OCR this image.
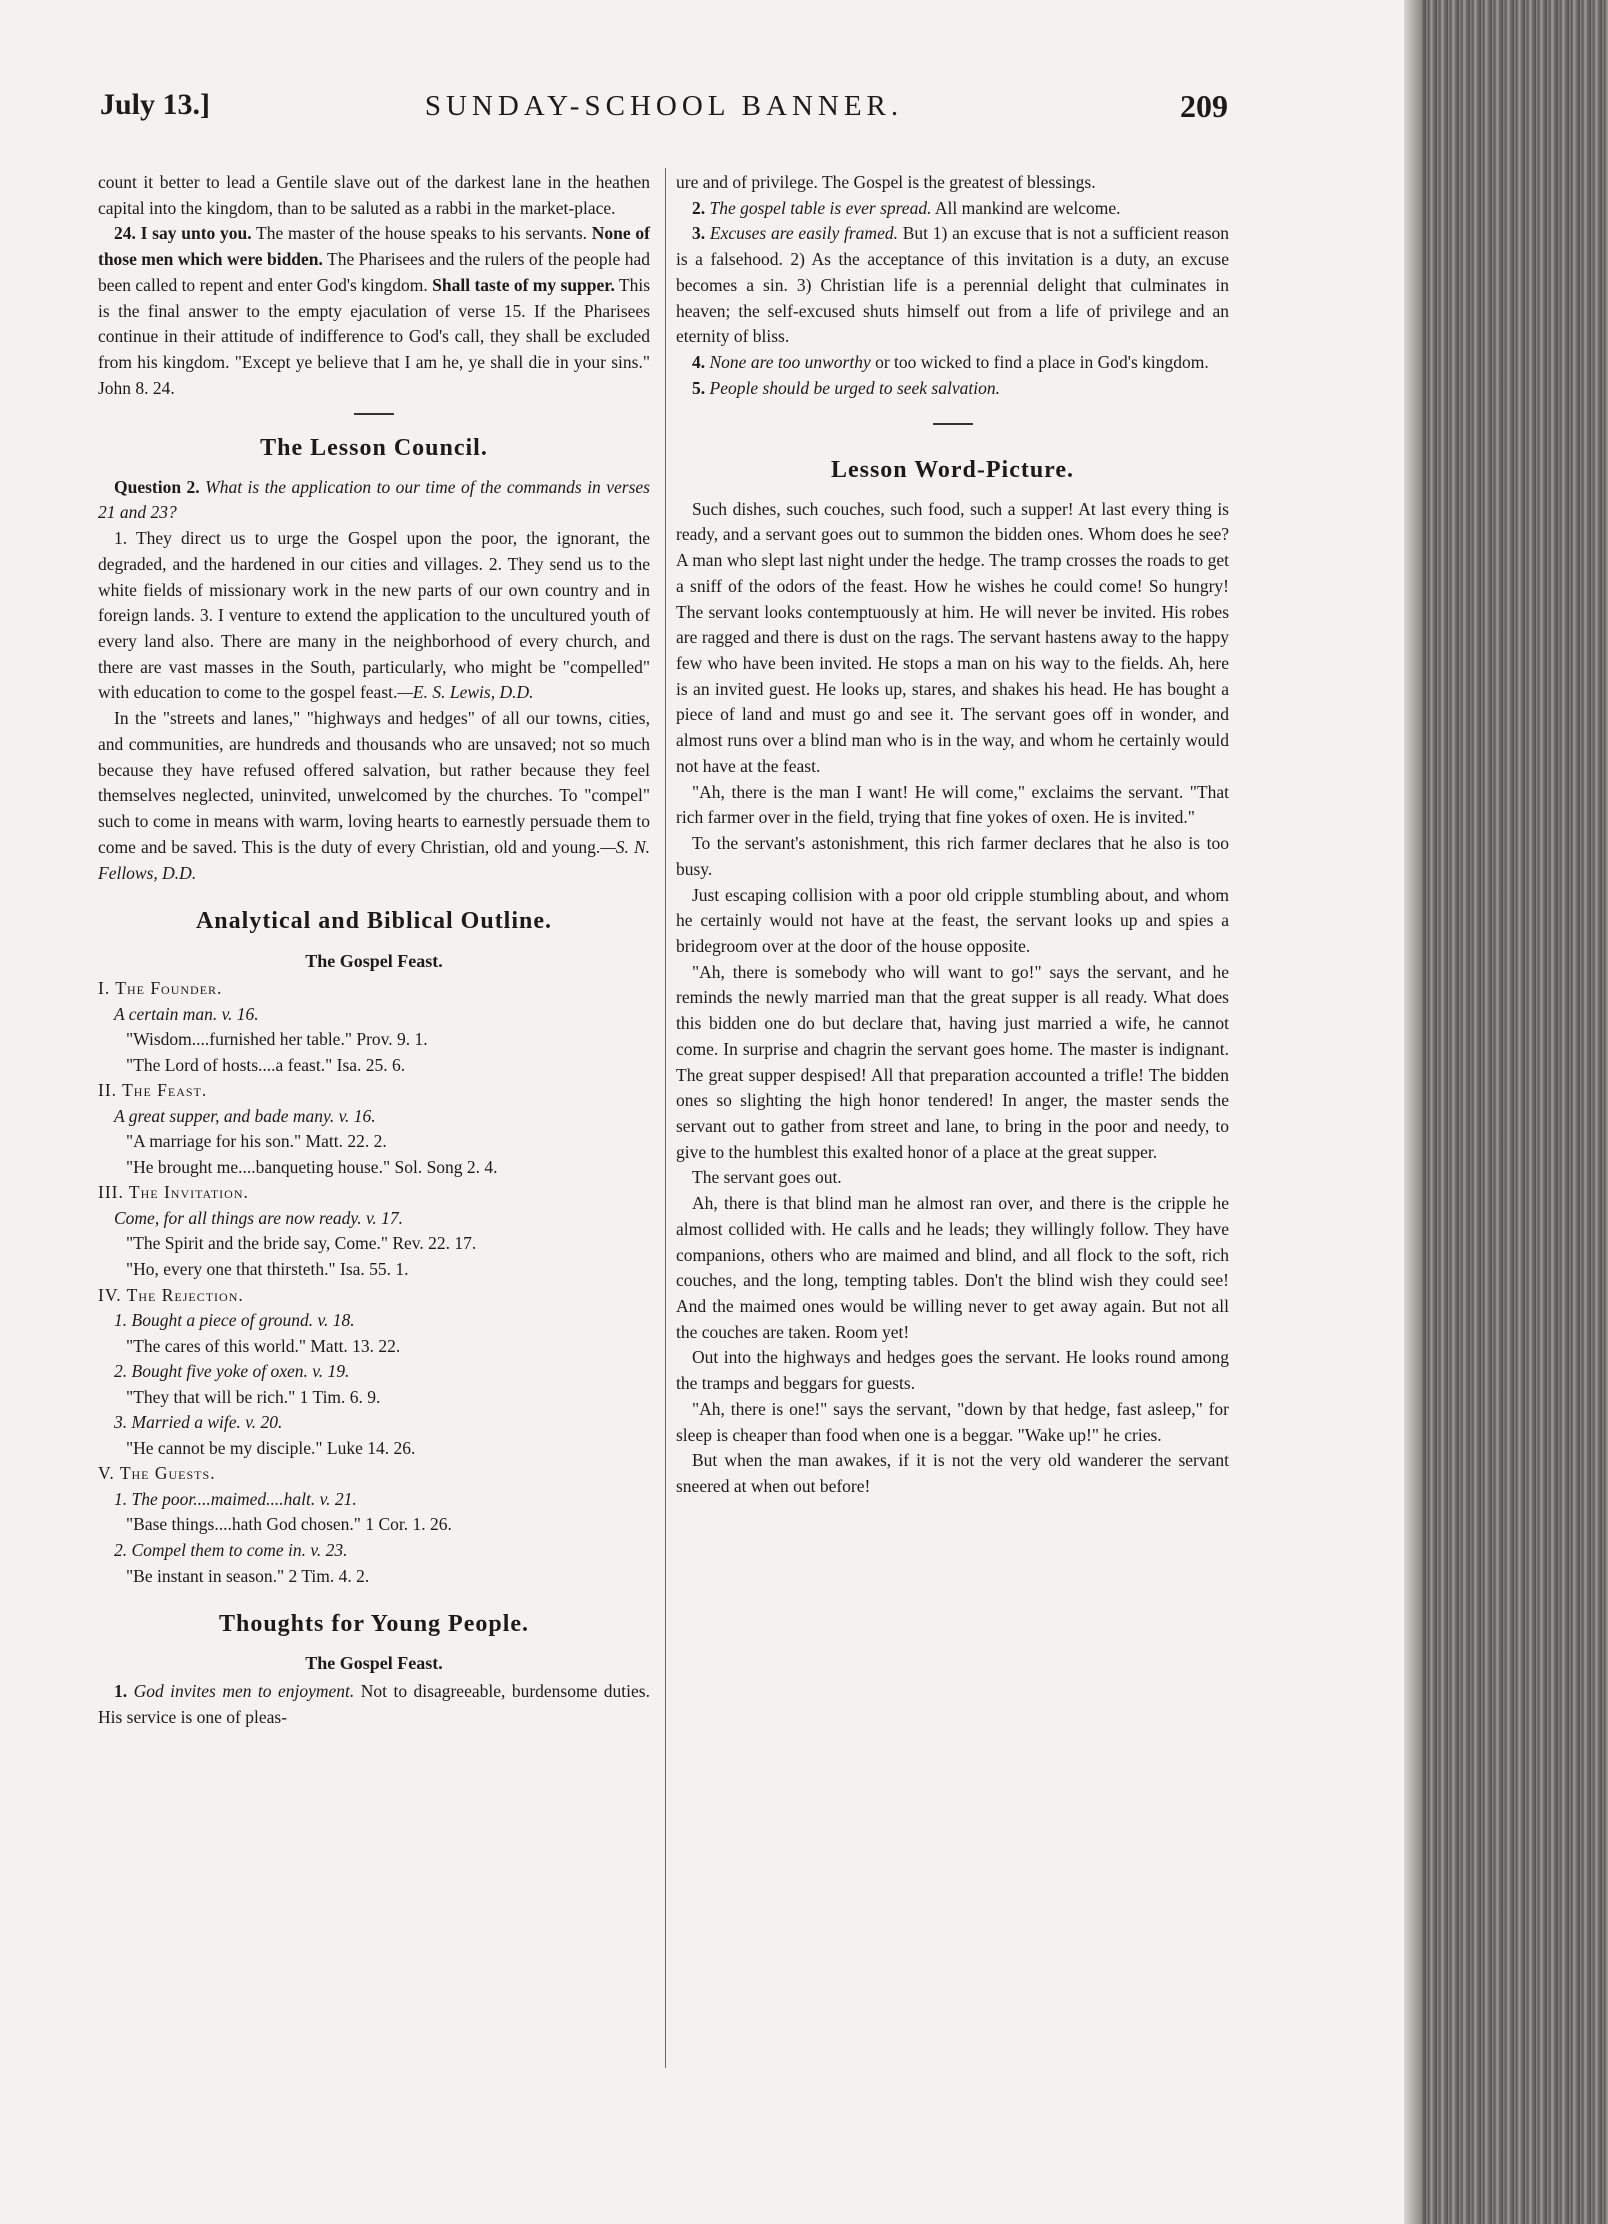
July 13.]	SUNDAY-SCHOOL BANNER.	209

count it better to lead a Gentile slave out of the darkest lane in the heathen capital into the kingdom, than to be saluted as a rabbi in the market-place.

24. I say unto you. The master of the house speaks to his servants. None of those men which were bidden. The Pharisees and the rulers of the people had been called to repent and enter God's kingdom. Shall taste of my supper. This is the final answer to the empty ejaculation of verse 15. If the Pharisees continue in their attitude of indifference to God's call, they shall be excluded from his kingdom. "Except ye believe that I am he, ye shall die in your sins." John 8. 24.

The Lesson Council.

Question 2. What is the application to our time of the commands in verses 21 and 23?

1. They direct us to urge the Gospel upon the poor, the ignorant, the degraded, and the hardened in our cities and villages. 2. They send us to the white fields of missionary work in the new parts of our own country and in foreign lands. 3. I venture to extend the application to the uncultured youth of every land also. There are many in the neighborhood of every church, and there are vast masses in the South, particularly, who might be "compelled" with education to come to the gospel feast.—E. S. Lewis, D.D.

In the "streets and lanes," "highways and hedges" of all our towns, cities, and communities, are hundreds and thousands who are unsaved; not so much because they have refused offered salvation, but rather because they feel themselves neglected, uninvited, unwelcomed by the churches. To "compel" such to come in means with warm, loving hearts to earnestly persuade them to come and be saved. This is the duty of every Christian, old and young.—S. N. Fellows, D.D.

Analytical and Biblical Outline.
The Gospel Feast.
I. The Founder.
A certain man. v. 16.
"Wisdom....furnished her table." Prov. 9. 1.
"The Lord of hosts....a feast." Isa. 25. 6.
II. The Feast.
A great supper, and bade many. v. 16.
"A marriage for his son." Matt. 22. 2.
"He brought me....banqueting house." Sol. Song 2. 4.
III. The Invitation.
Come, for all things are now ready. v. 17.
"The Spirit and the bride say, Come." Rev. 22. 17.
"Ho, every one that thirsteth." Isa. 55. 1.
IV. The Rejection.
1. Bought a piece of ground. v. 18.
"The cares of this world." Matt. 13. 22.
2. Bought five yoke of oxen. v. 19.
"They that will be rich." 1 Tim. 6. 9.
3. Married a wife. v. 20.
"He cannot be my disciple." Luke 14. 26.
V. The Guests.
1. The poor....maimed....halt. v. 21.
"Base things....hath God chosen." 1 Cor. 1. 26.
2. Compel them to come in. v. 23.
"Be instant in season." 2 Tim. 4. 2.
Thoughts for Young People.
The Gospel Feast.

1. God invites men to enjoyment. Not to disagreeable, burdensome duties. His service is one of pleas-

ure and of privilege. The Gospel is the greatest of blessings.

2. The gospel table is ever spread. All mankind are welcome.

3. Excuses are easily framed. But 1) an excuse that is not a sufficient reason is a falsehood. 2) As the acceptance of this invitation is a duty, an excuse becomes a sin. 3) Christian life is a perennial delight that culminates in heaven; the self-excused shuts himself out from a life of privilege and an eternity of bliss.

4. None are too unworthy or too wicked to find a place in God's kingdom.

5. People should be urged to seek salvation.

Lesson Word-Picture.

Such dishes, such couches, such food, such a supper! At last every thing is ready, and a servant goes out to summon the bidden ones. Whom does he see? A man who slept last night under the hedge. The tramp crosses the roads to get a sniff of the odors of the feast. How he wishes he could come! So hungry! The servant looks contemptuously at him. He will never be invited. His robes are ragged and there is dust on the rags. The servant hastens away to the happy few who have been invited. He stops a man on his way to the fields. Ah, here is an invited guest. He looks up, stares, and shakes his head. He has bought a piece of land and must go and see it. The servant goes off in wonder, and almost runs over a blind man who is in the way, and whom he certainly would not have at the feast.

"Ah, there is the man I want! He will come," exclaims the servant. "That rich farmer over in the field, trying that fine yokes of oxen. He is invited."

To the servant's astonishment, this rich farmer declares that he also is too busy.

Just escaping collision with a poor old cripple stumbling about, and whom he certainly would not have at the feast, the servant looks up and spies a bridegroom over at the door of the house opposite.

"Ah, there is somebody who will want to go!" says the servant, and he reminds the newly married man that the great supper is all ready. What does this bidden one do but declare that, having just married a wife, he cannot come. In surprise and chagrin the servant goes home. The master is indignant. The great supper despised! All that preparation accounted a trifle! The bidden ones so slighting the high honor tendered! In anger, the master sends the servant out to gather from street and lane, to bring in the poor and needy, to give to the humblest this exalted honor of a place at the great supper.

The servant goes out.

Ah, there is that blind man he almost ran over, and there is the cripple he almost collided with. He calls and he leads; they willingly follow. They have companions, others who are maimed and blind, and all flock to the soft, rich couches, and the long, tempting tables. Don't the blind wish they could see! And the maimed ones would be willing never to get away again. But not all the couches are taken. Room yet!

Out into the highways and hedges goes the servant. He looks round among the tramps and beggars for guests.

"Ah, there is one!" says the servant, "down by that hedge, fast asleep," for sleep is cheaper than food when one is a beggar. "Wake up!" he cries.

But when the man awakes, if it is not the very old wanderer the servant sneered at when out before!
